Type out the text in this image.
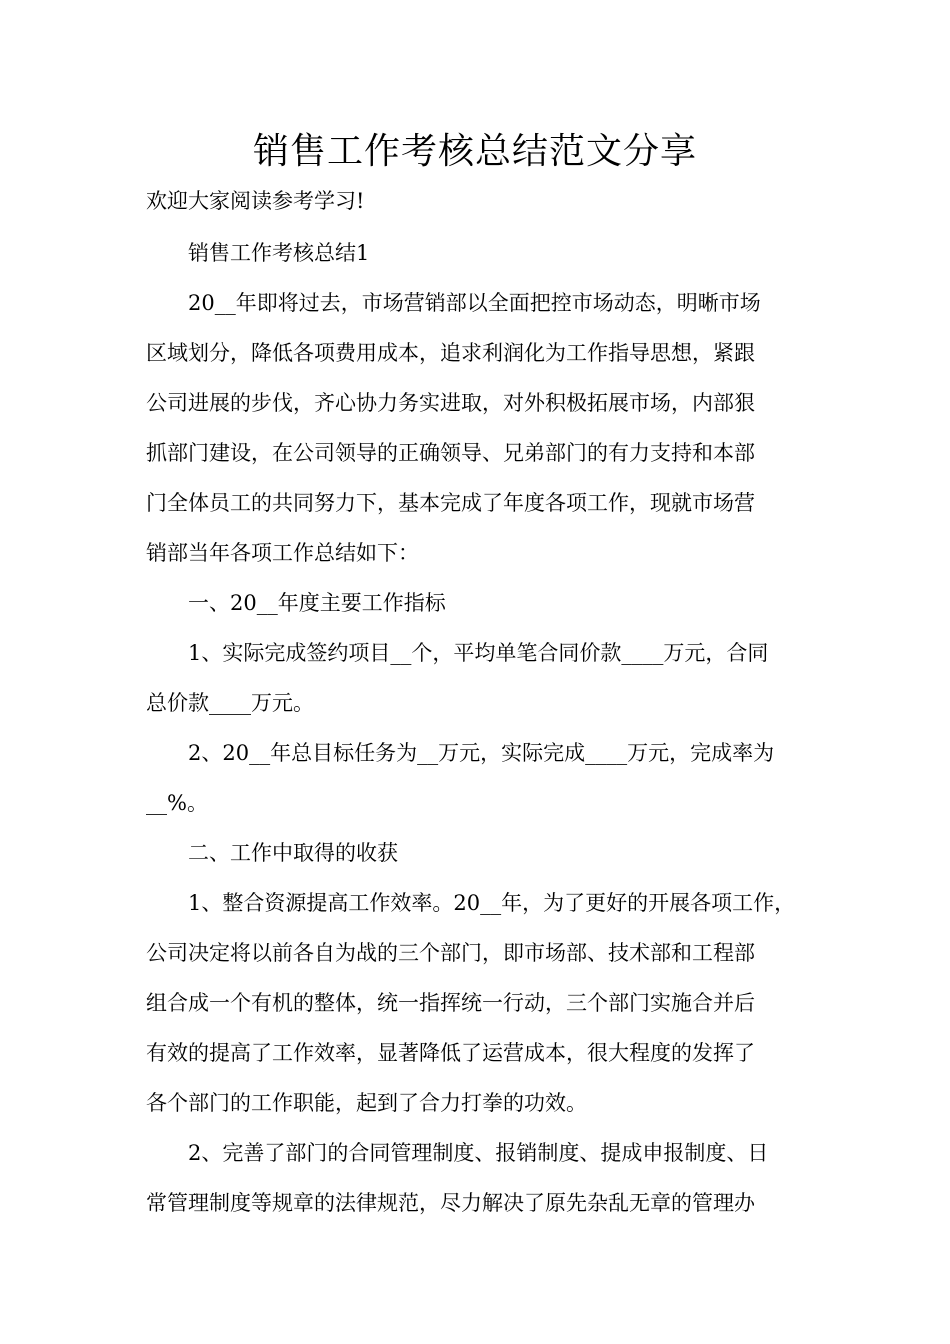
销售工作考核总结范文分享

欢迎大家阅读参考学习!

销售工作考核总结1

20__年即将过去，市场营销部以全面把控市场动态，明晰市场

区域划分，降低各项费用成本，追求利润化为工作指导思想，紧跟

公司进展的步伐，齐心协力务实进取，对外积极拓展市场，内部狠

抓部门建设，在公司领导的正确领导、兄弟部门的有力支持和本部

门全体员工的共同努力下，基本完成了年度各项工作，现就市场营

销部当年各项工作总结如下：

一、20__年度主要工作指标

1、实际完成签约项目__个，平均单笔合同价款____万元，合同

总价款____万元。

2、20__年总目标任务为__万元，实际完成____万元，完成率为

__%。

二、工作中取得的收获

1、整合资源提高工作效率。20__年，为了更好的开展各项工作，

公司决定将以前各自为战的三个部门，即市场部、技术部和工程部

组合成一个有机的整体，统一指挥统一行动，三个部门实施合并后

有效的提高了工作效率，显著降低了运营成本，很大程度的发挥了

各个部门的工作职能，起到了合力打拳的功效。

2、完善了部门的合同管理制度、报销制度、提成申报制度、日

常管理制度等规章的法律规范，尽力解决了原先杂乱无章的管理办
